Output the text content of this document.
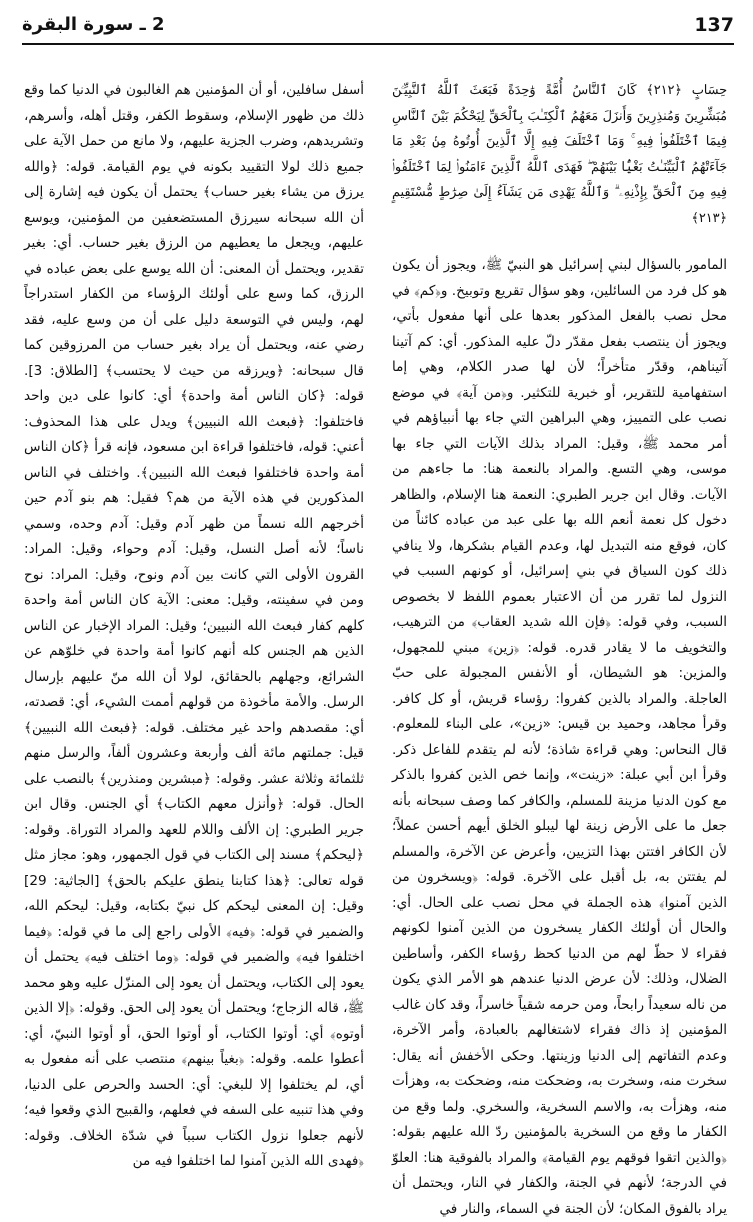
137
2 ـ سورة البقرة

حِسَابٍ ﴿٢١٢﴾ كَانَ ٱلنَّاسُ أُمَّةً وَٰحِدَةً فَبَعَثَ ٱللَّهُ ٱلنَّبِيِّـۧنَ مُبَشِّرِينَ وَمُنذِرِينَ وَأَنزَلَ مَعَهُمُ ٱلْكِتَـٰبَ بِٱلْحَقِّ لِيَحْكُمَ بَيْنَ ٱلنَّاسِ فِيمَا ٱخْتَلَفُوا۟ فِيهِ ۚ وَمَا ٱخْتَلَفَ فِيهِ إِلَّا ٱلَّذِينَ أُوتُوهُ مِنۢ بَعْدِ مَا جَآءَتْهُمُ ٱلْبَيِّنَـٰتُ بَغْيًۢا بَيْنَهُمْ ۖ فَهَدَى ٱللَّهُ ٱلَّذِينَ ءَامَنُوا۟ لِمَا ٱخْتَلَفُوا۟ فِيهِ مِنَ ٱلْحَقِّ بِإِذْنِهِۦ ۗ وَٱللَّهُ يَهْدِى مَن يَشَآءُ إِلَىٰ صِرَٰطٍ مُّسْتَقِيمٍ ﴿٢١٣﴾

المامور بالسؤال لبني إسرائيل هو النبيّ ﷺ، ويجوز أن يكون هو كل فرد من السائلين، وهو سؤال تقريع وتوبيخ. و﴿كم﴾ في محل نصب بالفعل المذكور بعدها على أنها مفعول بأتي، ويجوز أن ينتصب بفعل مقدّر دلّ عليه المذكور. أي: كم آتينا آتيناهم، وقدّر متأخراً؛ لأن لها صدر الكلام، وهي إما استفهامية للتقرير، أو خبرية للتكثير. و﴿من آية﴾ في موضع نصب على التمييز، وهي البراهين التي جاء بها أنبياؤهم في أمر محمد ﷺ، وقيل: المراد بذلك الآيات التي جاء بها موسى، وهي التسع. والمراد بالنعمة هنا: ما جاءهم من الآيات. وقال ابن جرير الطبري: النعمة هنا الإسلام، والظاهر دخول كل نعمة أنعم الله بها على عبد من عباده كائناً من كان، فوقع منه التبديل لها، وعدم القيام بشكرها، ولا ينافي ذلك كون السياق في بني إسرائيل، أو كونهم السبب في النزول لما تقرر من أن الاعتبار بعموم اللفظ لا بخصوص السبب، وفي قوله: ﴿فإن الله شديد العقاب﴾ من الترهيب، والتخويف ما لا يقادر قدره. قوله: ﴿زين﴾ مبني للمجهول، والمزين: هو الشيطان، أو الأنفس المجبولة على حبّ العاجلة. والمراد بالذين كفروا: رؤساء قريش، أو كل كافر. وقرأ مجاهد، وحميد بن قيس: «زين»، على البناء للمعلوم. قال النحاس: وهي قراءة شاذة؛ لأنه لم يتقدم للفاعل ذكر. وقرأ ابن أبي عبلة: «زينت»، وإنما خص الذين كفروا بالذكر مع كون الدنيا مزينة للمسلم، والكافر كما وصف سبحانه بأنه جعل ما على الأرض زينة لها ليبلو الخلق أيهم أحسن عملاً؛ لأن الكافر افتتن بهذا التزيين، وأعرض عن الآخرة، والمسلم لم يفتتن به، بل أقبل على الآخرة. قوله: ﴿ويسخرون من الذين آمنوا﴾ هذه الجملة في محل نصب على الحال. أي: والحال أن أولئك الكفار يسخرون من الذين آمنوا لكونهم فقراء لا حظّ لهم من الدنيا كحظ رؤساء الكفر، وأساطين الضلال، وذلك: لأن عرض الدنيا عندهم هو الأمر الذي يكون من ناله سعيداً رابحاً، ومن حرمه شقياً خاسراً، وقد كان غالب المؤمنين إذ ذاك فقراء لاشتغالهم بالعبادة، وأمر الآخرة، وعدم التفاتهم إلى الدنيا وزينتها. وحكى الأخفش أنه يقال: سخرت منه، وسخرت به، وضحكت منه، وضحكت به، وهزأت منه، وهزأت به، والاسم السخرية، والسخري. ولما وقع من الكفار ما وقع من السخرية بالمؤمنين ردّ الله عليهم بقوله: ﴿والذين اتقوا فوقهم يوم القيامة﴾ والمراد بالفوقية هنا: العلوّ في الدرجة؛ لأنهم في الجنة، والكفار في النار، ويحتمل أن يراد بالفوق المكان؛ لأن الجنة في السماء، والنار في

أسفل سافلين، أو أن المؤمنين هم الغالبون في الدنيا كما وقع ذلك من ظهور الإسلام، وسقوط الكفر، وقتل أهله، وأسرهم، وتشريدهم، وضرب الجزية عليهم، ولا مانع من حمل الآية على جميع ذلك لولا التقييد بكونه في يوم القيامة. قوله: ﴿والله يرزق من يشاء بغير حساب﴾ يحتمل أن يكون فيه إشارة إلى أن الله سبحانه سيرزق المستضعفين من المؤمنين، ويوسع عليهم، ويجعل ما يعطيهم من الرزق بغير حساب. أي: بغير تقدير، ويحتمل أن المعنى: أن الله يوسع على بعض عباده في الرزق، كما وسع على أولئك الرؤساء من الكفار استدراجاً لهم، وليس في التوسعة دليل على أن من وسع عليه، فقد رضي عنه، ويحتمل أن يراد بغير حساب من المرزوقين كما قال سبحانه: ﴿ويرزقه من حيث لا يحتسب﴾ [الطلاق: 3]. قوله: ﴿كان الناس أمة واحدة﴾ أي: كانوا على دين واحد فاختلفوا: ﴿فبعث الله النبيين﴾ ويدل على هذا المحذوف: أعني: قوله، فاختلفوا قراءة ابن مسعود، فإنه قرأ ﴿كان الناس أمة واحدة فاختلفوا فبعث الله النبيين﴾. واختلف في الناس المذكورين في هذه الآية من هم؟ فقيل: هم بنو آدم حين أخرجهم الله نسماً من ظهر آدم وقيل: آدم وحده، وسمي ناساً؛ لأنه أصل النسل، وقيل: آدم وحواء، وقيل: المراد: القرون الأولى التي كانت بين آدم ونوح، وقيل: المراد: نوح ومن في سفينته، وقيل: معنى: الآية كان الناس أمة واحدة كلهم كفار فبعث الله النبيين؛ وقيل: المراد الإخبار عن الناس الذين هم الجنس كله أنهم كانوا أمة واحدة في خلوّهم عن الشرائع، وجهلهم بالحقائق، لولا أن الله منّ عليهم بإرسال الرسل. والأمة مأخوذة من قولهم أممت الشيء، أي: قصدته، أي: مقصدهم واحد غير مختلف. قوله: ﴿فبعث الله النبيين﴾ قيل: جملتهم مائة ألف وأربعة وعشرون ألفاً، والرسل منهم ثلثمائة وثلاثة عشر. وقوله: ﴿مبشرين ومنذرين﴾ بالنصب على الحال. قوله: ﴿وأنزل معهم الكتاب﴾ أي الجنس. وقال ابن جرير الطبري: إن الألف واللام للعهد والمراد التوراة. وقوله: ﴿ليحكم﴾ مسند إلى الكتاب في قول الجمهور، وهو: مجاز مثل قوله تعالى: ﴿هذا كتابنا ينطق عليكم بالحق﴾ [الجاثية: 29] وقيل: إن المعنى ليحكم كل نبيّ بكتابه، وقيل: ليحكم الله، والضمير في قوله: ﴿فيه﴾ الأولى راجع إلى ما في قوله: ﴿فيما اختلفوا فيه﴾ والضمير في قوله: ﴿وما اختلف فيه﴾ يحتمل أن يعود إلى الكتاب، ويحتمل أن يعود إلى المنزّل عليه وهو محمد ﷺ، قاله الزجاج؛ ويحتمل أن يعود إلى الحق. وقوله: ﴿إلا الذين أوتوه﴾ أي: أوتوا الكتاب، أو أوتوا الحق، أو أوتوا النبيّ، أي: أعطوا علمه. وقوله: ﴿بغياً بينهم﴾ منتصب على أنه مفعول به أي، لم يختلفوا إلا للبغي: أي: الحسد والحرص على الدنيا، وفي هذا تنبيه على السفه في فعلهم، والقبيح الذي وقعوا فيه؛ لأنهم جعلوا نزول الكتاب سبباً في شدّة الخلاف. وقوله: ﴿فهدى الله الذين آمنوا لما اختلفوا فيه من
